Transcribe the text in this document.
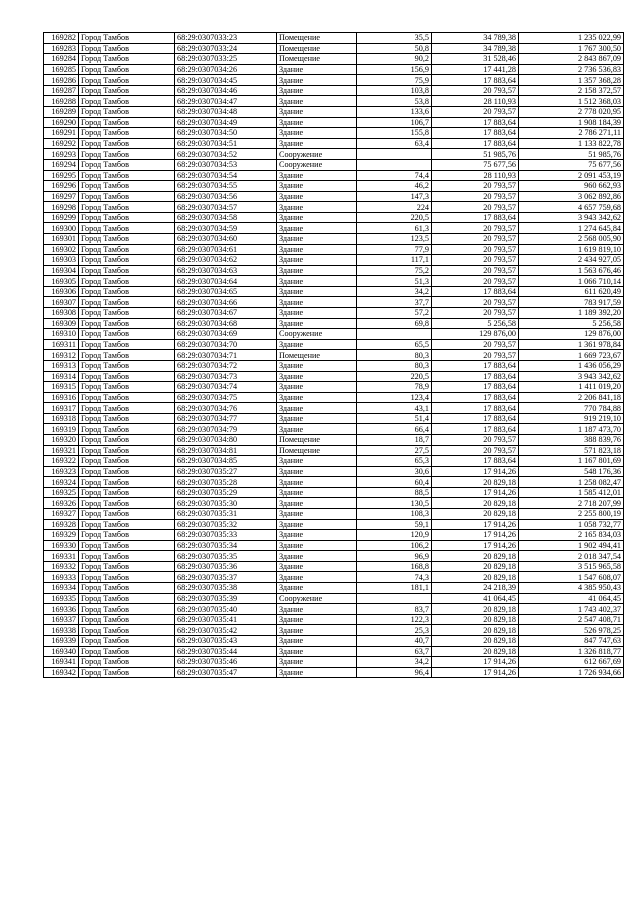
169282	Город Тамбов	68:29:0307033:23	Помещение	35,5	34 789,38	1 235 022,99
169283	Город Тамбов	68:29:0307033:24	Помещение	50,8	34 789,38	1 767 300,50
169284	Город Тамбов	68:29:0307033:25	Помещение	90,2	31 528,46	2 843 867,09
169285	Город Тамбов	68:29:0307034:26	Здание	156,9	17 441,28	2 736 536,83
169286	Город Тамбов	68:29:0307034:45	Здание	75,9	17 883,64	1 357 368,28
169287	Город Тамбов	68:29:0307034:46	Здание	103,8	20 793,57	2 158 372,57
169288	Город Тамбов	68:29:0307034:47	Здание	53,8	28 110,93	1 512 368,03
169289	Город Тамбов	68:29:0307034:48	Здание	133,6	20 793,57	2 778 020,95
169290	Город Тамбов	68:29:0307034:49	Здание	106,7	17 883,64	1 908 184,39
169291	Город Тамбов	68:29:0307034:50	Здание	155,8	17 883,64	2 786 271,11
169292	Город Тамбов	68:29:0307034:51	Здание	63,4	17 883,64	1 133 822,78
169293	Город Тамбов	68:29:0307034:52	Сооружение		51 985,76	51 985,76
169294	Город Тамбов	68:29:0307034:53	Сооружение		75 677,56	75 677,56
169295	Город Тамбов	68:29:0307034:54	Здание	74,4	28 110,93	2 091 453,19
169296	Город Тамбов	68:29:0307034:55	Здание	46,2	20 793,57	960 662,93
169297	Город Тамбов	68:29:0307034:56	Здание	147,3	20 793,57	3 062 892,86
169298	Город Тамбов	68:29:0307034:57	Здание	224	20 793,57	4 657 759,68
169299	Город Тамбов	68:29:0307034:58	Здание	220,5	17 883,64	3 943 342,62
169300	Город Тамбов	68:29:0307034:59	Здание	61,3	20 793,57	1 274 645,84
169301	Город Тамбов	68:29:0307034:60	Здание	123,5	20 793,57	2 568 005,90
169302	Город Тамбов	68:29:0307034:61	Здание	77,9	20 793,57	1 619 819,10
169303	Город Тамбов	68:29:0307034:62	Здание	117,1	20 793,57	2 434 927,05
169304	Город Тамбов	68:29:0307034:63	Здание	75,2	20 793,57	1 563 676,46
169305	Город Тамбов	68:29:0307034:64	Здание	51,3	20 793,57	1 066 710,14
169306	Город Тамбов	68:29:0307034:65	Здание	34,2	17 883,64	611 620,49
169307	Город Тамбов	68:29:0307034:66	Здание	37,7	20 793,57	783 917,59
169308	Город Тамбов	68:29:0307034:67	Здание	57,2	20 793,57	1 189 392,20
169309	Город Тамбов	68:29:0307034:68	Здание	69,8	5 256,58	5 256,58
169310	Город Тамбов	68:29:0307034:69	Сооружение		129 876,00	129 876,00
169311	Город Тамбов	68:29:0307034:70	Здание	65,5	20 793,57	1 361 978,84
169312	Город Тамбов	68:29:0307034:71	Помещение	80,3	20 793,57	1 669 723,67
169313	Город Тамбов	68:29:0307034:72	Здание	80,3	17 883,64	1 436 056,29
169314	Город Тамбов	68:29:0307034:73	Здание	220,5	17 883,64	3 943 342,62
169315	Город Тамбов	68:29:0307034:74	Здание	78,9	17 883,64	1 411 019,20
169316	Город Тамбов	68:29:0307034:75	Здание	123,4	17 883,64	2 206 841,18
169317	Город Тамбов	68:29:0307034:76	Здание	43,1	17 883,64	770 784,88
169318	Город Тамбов	68:29:0307034:77	Здание	51,4	17 883,64	919 219,10
169319	Город Тамбов	68:29:0307034:79	Здание	66,4	17 883,64	1 187 473,70
169320	Город Тамбов	68:29:0307034:80	Помещение	18,7	20 793,57	388 839,76
169321	Город Тамбов	68:29:0307034:81	Помещение	27,5	20 793,57	571 823,18
169322	Город Тамбов	68:29:0307034:85	Здание	65,3	17 883,64	1 167 801,69
169323	Город Тамбов	68:29:0307035:27	Здание	30,6	17 914,26	548 176,36
169324	Город Тамбов	68:29:0307035:28	Здание	60,4	20 829,18	1 258 082,47
169325	Город Тамбов	68:29:0307035:29	Здание	88,5	17 914,26	1 585 412,01
169326	Город Тамбов	68:29:0307035:30	Здание	130,5	20 829,18	2 718 207,99
169327	Город Тамбов	68:29:0307035:31	Здание	108,3	20 829,18	2 255 800,19
169328	Город Тамбов	68:29:0307035:32	Здание	59,1	17 914,26	1 058 732,77
169329	Город Тамбов	68:29:0307035:33	Здание	120,9	17 914,26	2 165 834,03
169330	Город Тамбов	68:29:0307035:34	Здание	106,2	17 914,26	1 902 494,41
169331	Город Тамбов	68:29:0307035:35	Здание	96,9	20 829,18	2 018 347,54
169332	Город Тамбов	68:29:0307035:36	Здание	168,8	20 829,18	3 515 965,58
169333	Город Тамбов	68:29:0307035:37	Здание	74,3	20 829,18	1 547 608,07
169334	Город Тамбов	68:29:0307035:38	Здание	181,1	24 218,39	4 385 950,43
169335	Город Тамбов	68:29:0307035:39	Сооружение		41 064,45	41 064,45
169336	Город Тамбов	68:29:0307035:40	Здание	83,7	20 829,18	1 743 402,37
169337	Город Тамбов	68:29:0307035:41	Здание	122,3	20 829,18	2 547 408,71
169338	Город Тамбов	68:29:0307035:42	Здание	25,3	20 829,18	526 978,25
169339	Город Тамбов	68:29:0307035:43	Здание	40,7	20 829,18	847 747,63
169340	Город Тамбов	68:29:0307035:44	Здание	63,7	20 829,18	1 326 818,77
169341	Город Тамбов	68:29:0307035:46	Здание	34,2	17 914,26	612 667,69
169342	Город Тамбов	68:29:0307035:47	Здание	96,4	17 914,26	1 726 934,66
